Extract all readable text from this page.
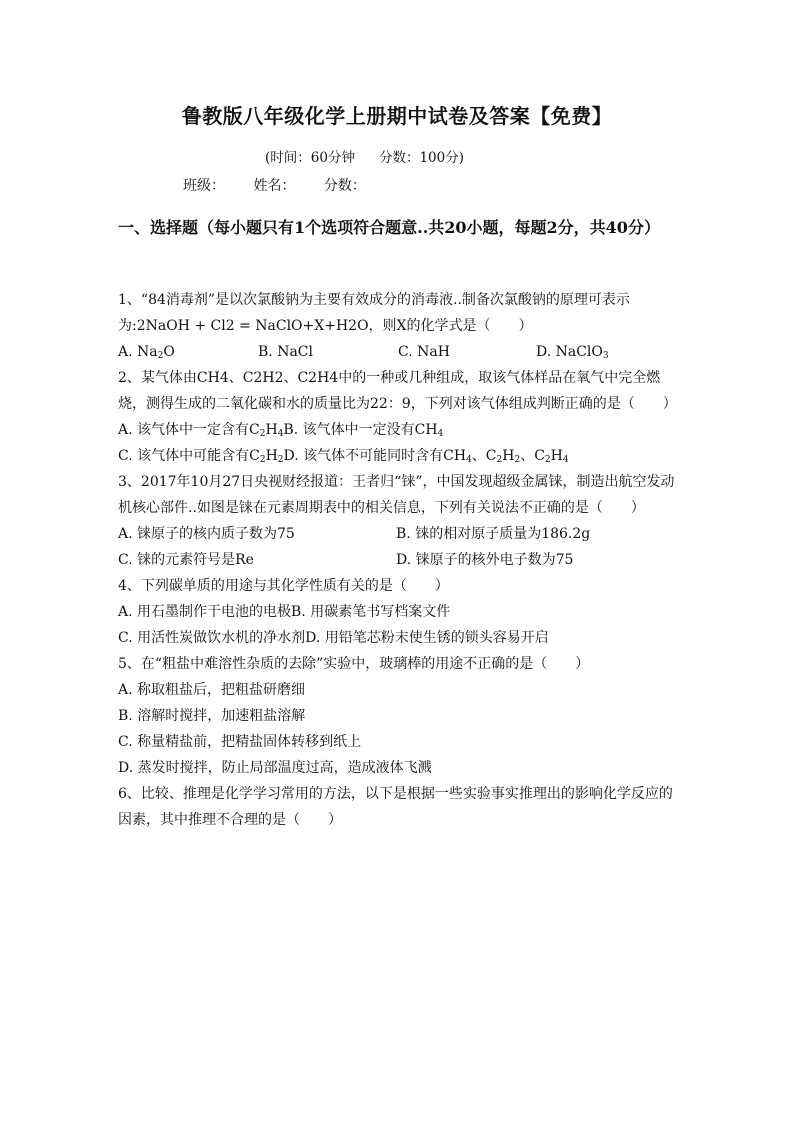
鲁教版八年级化学上册期中试卷及答案【免费】
(时间：60分钟 分数：100分)
班级： 姓名： 分数：
一、选择题（每小题只有1个选项符合题意..共20小题，每题2分，共40分）

1、“84消毒剂”是以次氯酸钠为主要有效成分的消毒液..制备次氯酸钠的原理可表示为:2NaOH + Cl2 = NaClO+X+H2O，则X的化学式是（　　）

A. $Na_2O$	B. NaCl	C. NaH	D. NaClO$_3$

2、某气体由CH4、C2H2、C2H4中的一种或几种组成，取该气体样品在氧气中完全燃烧，测得生成的二氧化碳和水的质量比为22：9，下列对该气体组成判断正确的是（　　）

A. 该气体中一定含有$C_2H_4B$. 该气体中一定没有$CH_4$

C. 该气体中可能含有$C_2H_2D$. 该气体不可能同时含有$CH_4$、$C_2H_2$、$C_2H_4$

3、2017年10月27日央视财经报道：王者归“铼”，中国发现超级金属铼，制造出航空发动机核心部件..如图是铼在元素周期表中的相关信息，下列有关说法不正确的是（　　）

A. 铼原子的核内质子数为75	B. 铼的相对原子质量为186.2g
C. 铼的元素符号是Re	D. 铼原子的核外电子数为75

4、下列碳单质的用途与其化学性质有关的是（　　）

A. 用石墨制作干电池的电极B. 用碳素笔书写档案文件

C. 用活性炭做饮水机的净水剂D. 用铅笔芯粉末使生锈的锁头容易开启

5、在“粗盐中难溶性杂质的去除”实验中，玻璃棒的用途不正确的是（　　）

A. 称取粗盐后，把粗盐研磨细

B. 溶解时搅拌，加速粗盐溶解

C. 称量精盐前，把精盐固体转移到纸上

D. 蒸发时搅拌，防止局部温度过高，造成液体飞溅

6、比较、推理是化学学习常用的方法，以下是根据一些实验事实推理出的影响化学反应的因素，其中推理不合理的是（　　）
